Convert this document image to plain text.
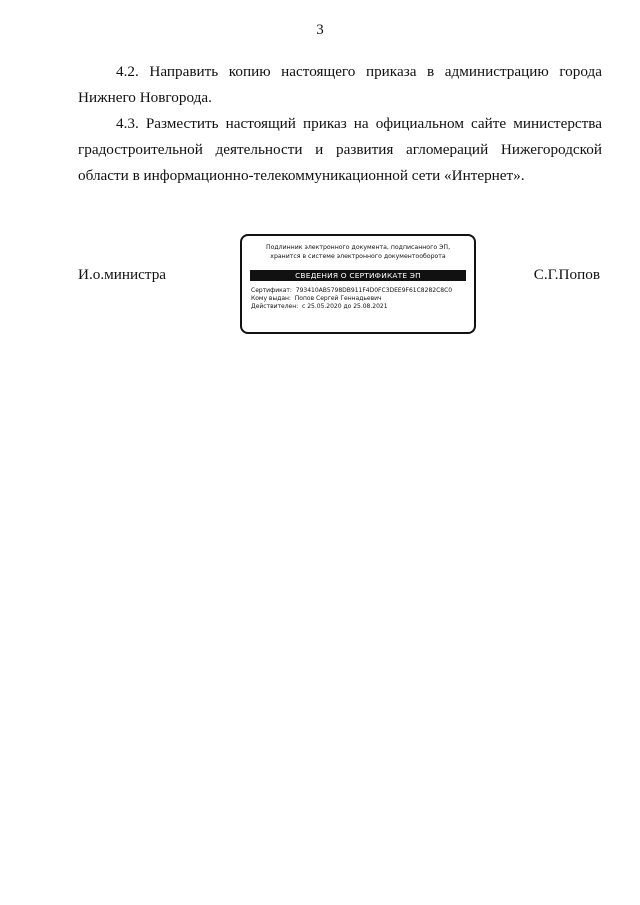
3

4.2. Направить копию настоящего приказа в администрацию города Нижнего Новгорода.

4.3. Разместить настоящий приказ на официальном сайте министерства градостроительной деятельности и развития агломераций Нижегородской области в информационно-телекоммуникационной сети «Интернет».

И.о.министра
Подлинник электронного документа, подписанного ЭП,
хранится в системе электронного документооборота
СВЕДЕНИЯ О СЕРТИФИКАТЕ ЭП
Сертификат:  793410AB5798DB911F4D0FC3DEE9F61C8282C8C0
Кому выдан:  Попов Сергей Геннадьевич
Действителен:  с 25.05.2020 до 25.08.2021
С.Г.Попов
